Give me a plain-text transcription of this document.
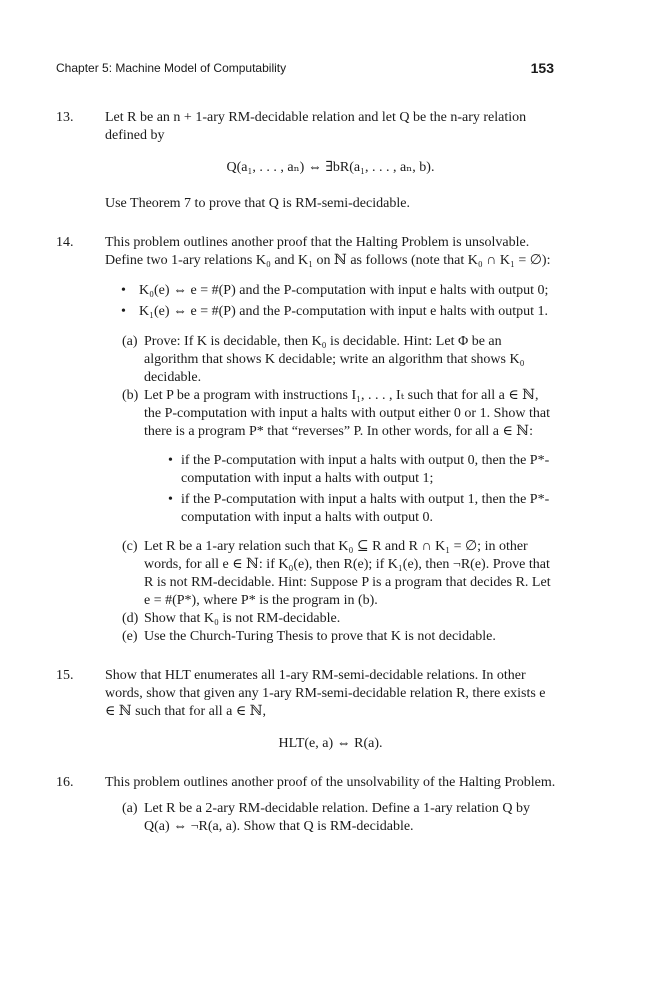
Chapter 5: Machine Model of Computability	153
13. Let R be an n + 1-ary RM-decidable relation and let Q be the n-ary relation defined by

Q(a₁, . . . , aₙ) ⇔ ∃bR(a₁, . . . , aₙ, b).

Use Theorem 7 to prove that Q is RM-semi-decidable.

14. This problem outlines another proof that the Halting Problem is unsolvable. Define two 1-ary relations K₀ and K₁ on ℕ as follows (note that K₀ ∩ K₁ = ∅):

• K₀(e) ⇔ e = #(P) and the P-computation with input e halts with output 0;
• K₁(e) ⇔ e = #(P) and the P-computation with input e halts with output 1.
(a) Prove: If K is decidable, then K₀ is decidable. Hint: Let Φ be an algorithm that shows K decidable; write an algorithm that shows K₀ decidable.
(b) Let P be a program with instructions I₁, . . . , Iₜ such that for all a ∈ ℕ, the P-computation with input a halts with output either 0 or 1. Show that there is a program P* that “reverses” P. In other words, for all a ∈ ℕ:
• if the P-computation with input a halts with output 0, then the P*-computation with input a halts with output 1;
• if the P-computation with input a halts with output 1, then the P*-computation with input a halts with output 0.
(c) Let R be a 1-ary relation such that K₀ ⊆ R and R ∩ K₁ = ∅; in other words, for all e ∈ ℕ: if K₀(e), then R(e); if K₁(e), then ¬R(e). Prove that R is not RM-decidable. Hint: Suppose P is a program that decides R. Let e = #(P*), where P* is the program in (b).
(d) Show that K₀ is not RM-decidable.
(e) Use the Church-Turing Thesis to prove that K is not decidable.
15. Show that HLT enumerates all 1-ary RM-semi-decidable relations. In other words, show that given any 1-ary RM-semi-decidable relation R, there exists e ∈ ℕ such that for all a ∈ ℕ,

HLT(e, a) ⇔ R(a).
16. This problem outlines another proof of the unsolvability of the Halting Problem.

(a) Let R be a 2-ary RM-decidable relation. Define a 1-ary relation Q by Q(a) ⇔ ¬R(a, a). Show that Q is RM-decidable.
